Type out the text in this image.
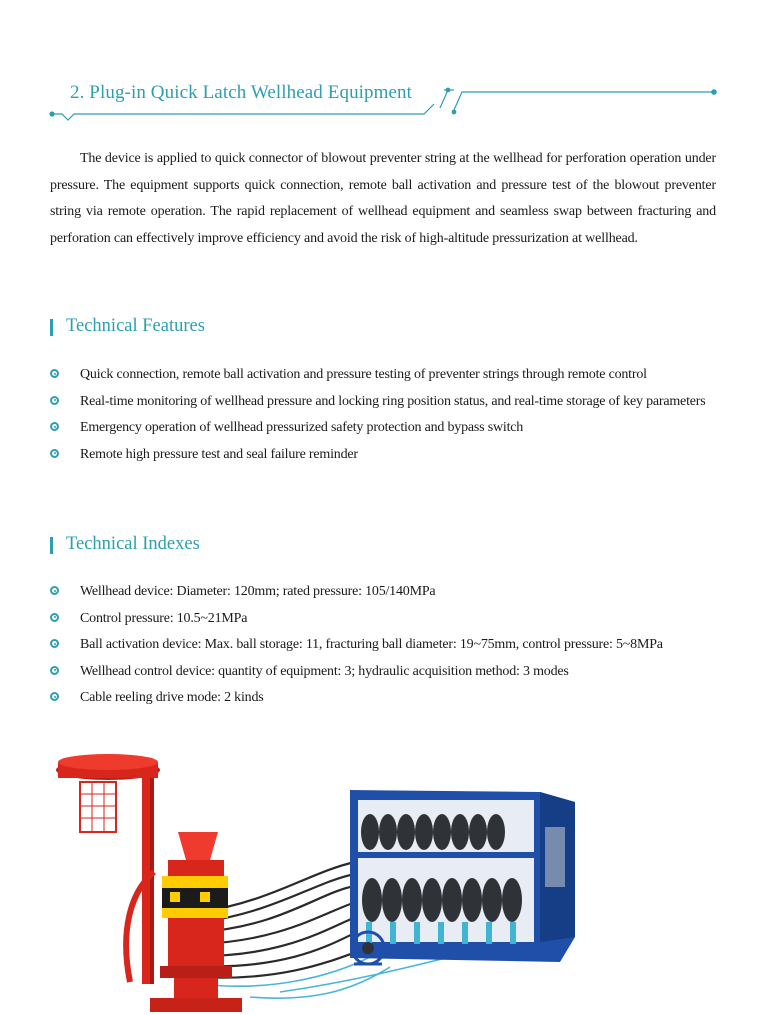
2. Plug-in Quick Latch Wellhead Equipment

The device is applied to quick connector of blowout preventer string at the wellhead for perforation operation under pressure. The equipment supports quick connection, remote ball activation and pressure test of the blowout preventer string via remote operation. The rapid replacement of wellhead equipment and seamless swap between fracturing and perforation can effectively improve efficiency and avoid the risk of high-altitude pressurization at wellhead.

Technical Features
Quick connection, remote ball activation and pressure testing of preventer strings through remote control
Real-time monitoring of wellhead pressure and locking ring position status, and real-time storage of key parameters
Emergency operation of wellhead pressurized safety protection and bypass switch
Remote high pressure test and seal failure reminder
Technical Indexes
Wellhead device: Diameter: 120mm; rated pressure: 105/140MPa
Control pressure: 10.5~21MPa
Ball activation device: Max. ball storage: 11, fracturing ball diameter: 19~75mm, control pressure: 5~8MPa
Wellhead control device: quantity of equipment: 3; hydraulic acquisition method: 3 modes
Cable reeling drive mode: 2 kinds
